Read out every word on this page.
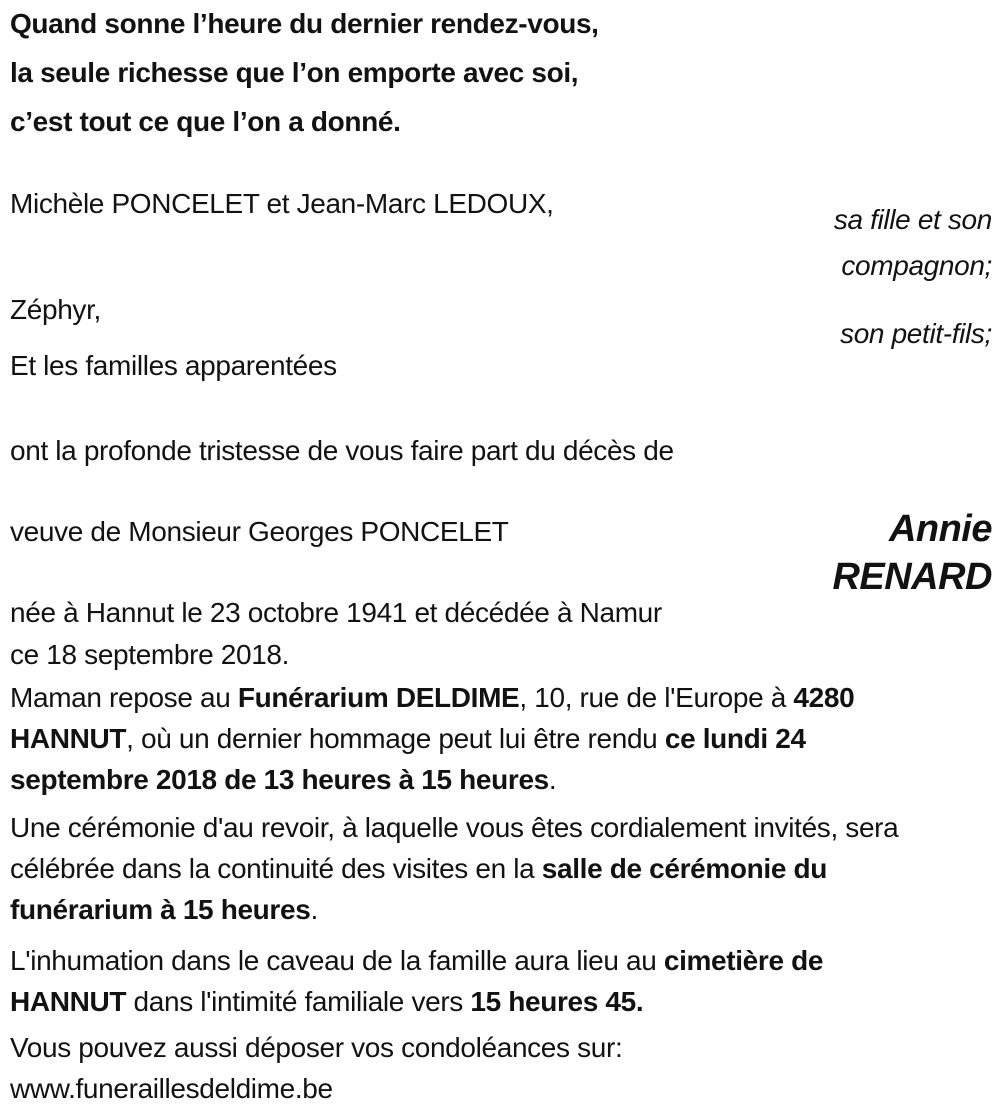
Quand sonne l’heure du dernier rendez-vous,
la seule richesse que l’on emporte avec soi,
c’est tout ce que l’on a donné.
Michèle PONCELET et Jean-Marc LEDOUX,
sa fille et son compagnon;
Zéphyr,
son petit-fils;
Et les familles apparentées
ont la profonde tristesse de vous faire part du décès de
veuve de Monsieur Georges PONCELET	Annie
RENARD
née à Hannut le 23 octobre 1941 et décédée à Namur
ce 18 septembre 2018.
Maman repose au Funérarium DELDIME, 10, rue de l'Europe à 4280
HANNUT, où un dernier hommage peut lui être rendu ce lundi 24
septembre 2018 de 13 heures à 15 heures.
Une cérémonie d'au revoir, à laquelle vous êtes cordialement invités, sera
célébrée dans la continuité des visites en la salle de cérémonie du
funérarium à 15 heures.
L'inhumation dans le caveau de la famille aura lieu au cimetière de
HANNUT dans l'intimité familiale vers 15 heures 45.
Vous pouvez aussi déposer vos condoléances sur:
www.funeraillesdeldime.be
